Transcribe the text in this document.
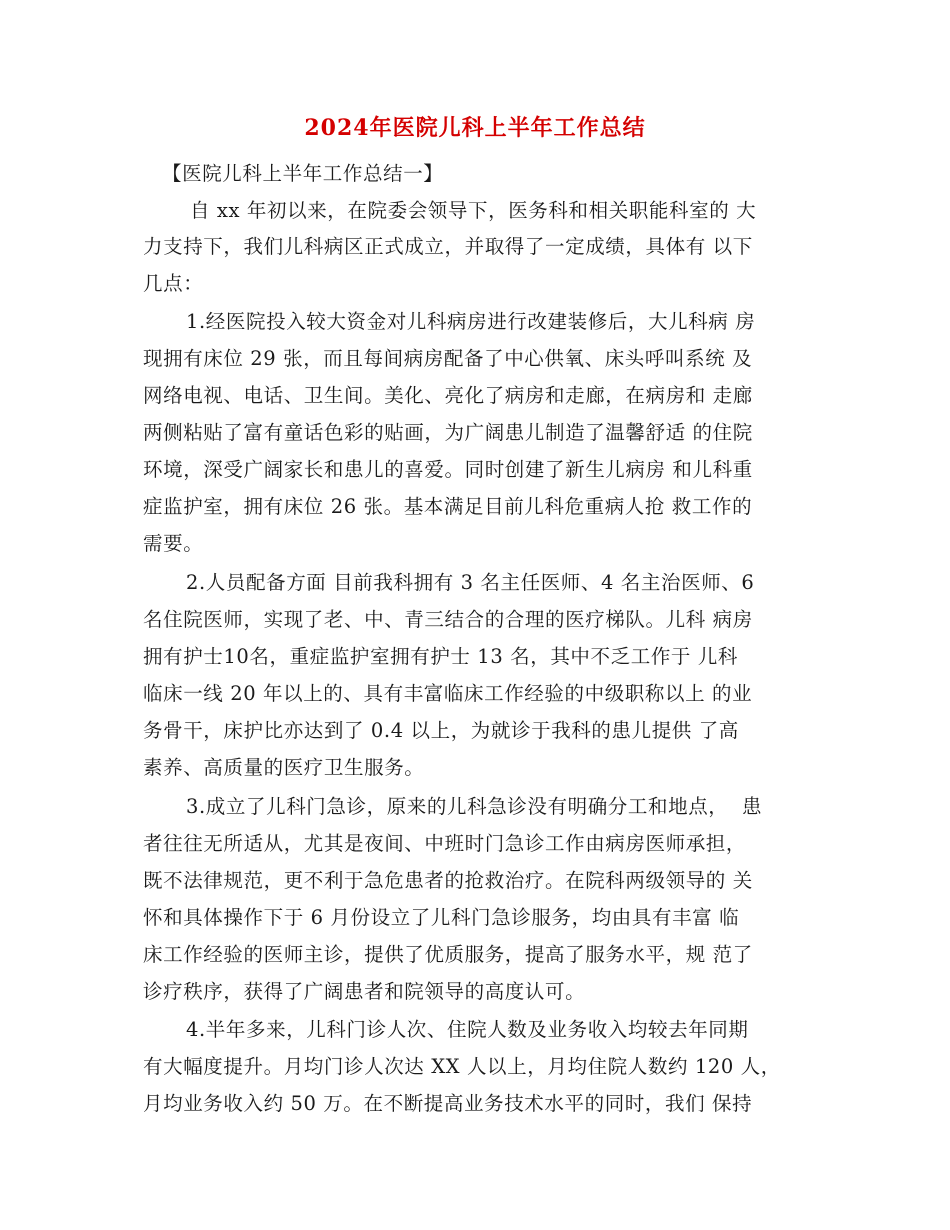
2024年医院儿科上半年工作总结
【医院儿科上半年工作总结一】
自 xx 年初以来，在院委会领导下，医务科和相关职能科室的 大
力支持下，我们儿科病区正式成立，并取得了一定成绩，具体有 以下
几点：
1.经医院投入较大资金对儿科病房进行改建装修后，大儿科病 房
现拥有床位 29 张，而且每间病房配备了中心供氧、床头呼叫系统 及
网络电视、电话、卫生间。美化、亮化了病房和走廊，在病房和 走廊
两侧粘贴了富有童话色彩的贴画，为广阔患儿制造了温馨舒适 的住院
环境，深受广阔家长和患儿的喜爱。同时创建了新生儿病房 和儿科重
症监护室，拥有床位 26 张。基本满足目前儿科危重病人抢 救工作的
需要。
2.人员配备方面 目前我科拥有 3 名主任医师、4 名主治医师、6
名住院医师，实现了老、中、青三结合的合理的医疗梯队。儿科 病房
拥有护士10名，重症监护室拥有护士 13 名，其中不乏工作于 儿科
临床一线 20 年以上的、具有丰富临床工作经验的中级职称以上 的业
务骨干，床护比亦达到了 0.4 以上，为就诊于我科的患儿提供 了高
素养、高质量的医疗卫生服务。
3.成立了儿科门急诊，原来的儿科急诊没有明确分工和地点，  患
者往往无所适从，尤其是夜间、中班时门急诊工作由病房医师承担，
既不法律规范，更不利于急危患者的抢救治疗。在院科两级领导的 关
怀和具体操作下于 6 月份设立了儿科门急诊服务，均由具有丰富 临
床工作经验的医师主诊，提供了优质服务，提高了服务水平，规 范了
诊疗秩序，获得了广阔患者和院领导的高度认可。
4.半年多来，儿科门诊人次、住院人数及业务收入均较去年同期
有大幅度提升。月均门诊人次达 XX 人以上，月均住院人数约 120 人，
月均业务收入约 50 万。在不断提高业务技术水平的同时，我们 保持
